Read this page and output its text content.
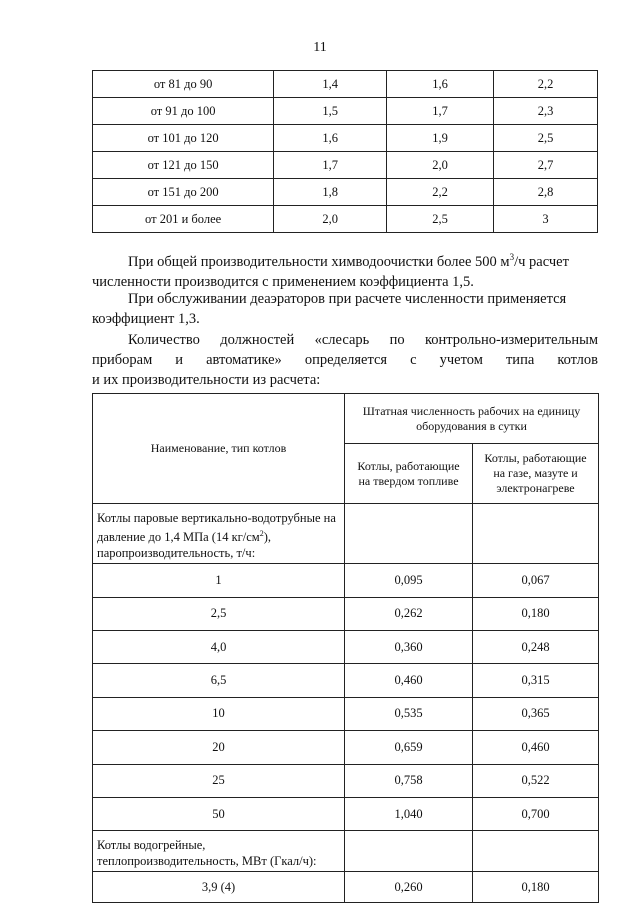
11
от 81 до 90	1,4	1,6	2,2
от 91 до 100	1,5	1,7	2,3
от 101 до 120	1,6	1,9	2,5
от 121 до 150	1,7	2,0	2,7
от 151 до 200	1,8	2,2	2,8
от 201 и более	2,0	2,5	3

При общей производительности химводоочистки более 500 $м^3/ч$ расчет численности производится с применением коэффициента 1,5.

При обслуживании деаэраторов при расчете численности применяется коэффициент 1,3.

Количество должностей «слесарь по контрольно-измерительным
приборам и автоматике» определяется с учетом типа котлов
и их производительности из расчета:
Наименование, тип котлов	Штатная численность рабочих на единицу оборудования в сутки	
	Котлы, работающие на твердом топливе	Котлы, работающие на газе, мазуте и электронагреве
Котлы паровые вертикально-водотрубные на давление до 1,4 МПа (14 $кг/см^2$), паропроизводительность, т/ч:		
1	0,095	0,067
2,5	0,262	0,180
4,0	0,360	0,248
6,5	0,460	0,315
10	0,535	0,365
20	0,659	0,460
25	0,758	0,522
50	1,040	0,700
Котлы водогрейные, теплопроизводительность, МВт (Гкал/ч):		
3,9 (4)	0,260	0,180
